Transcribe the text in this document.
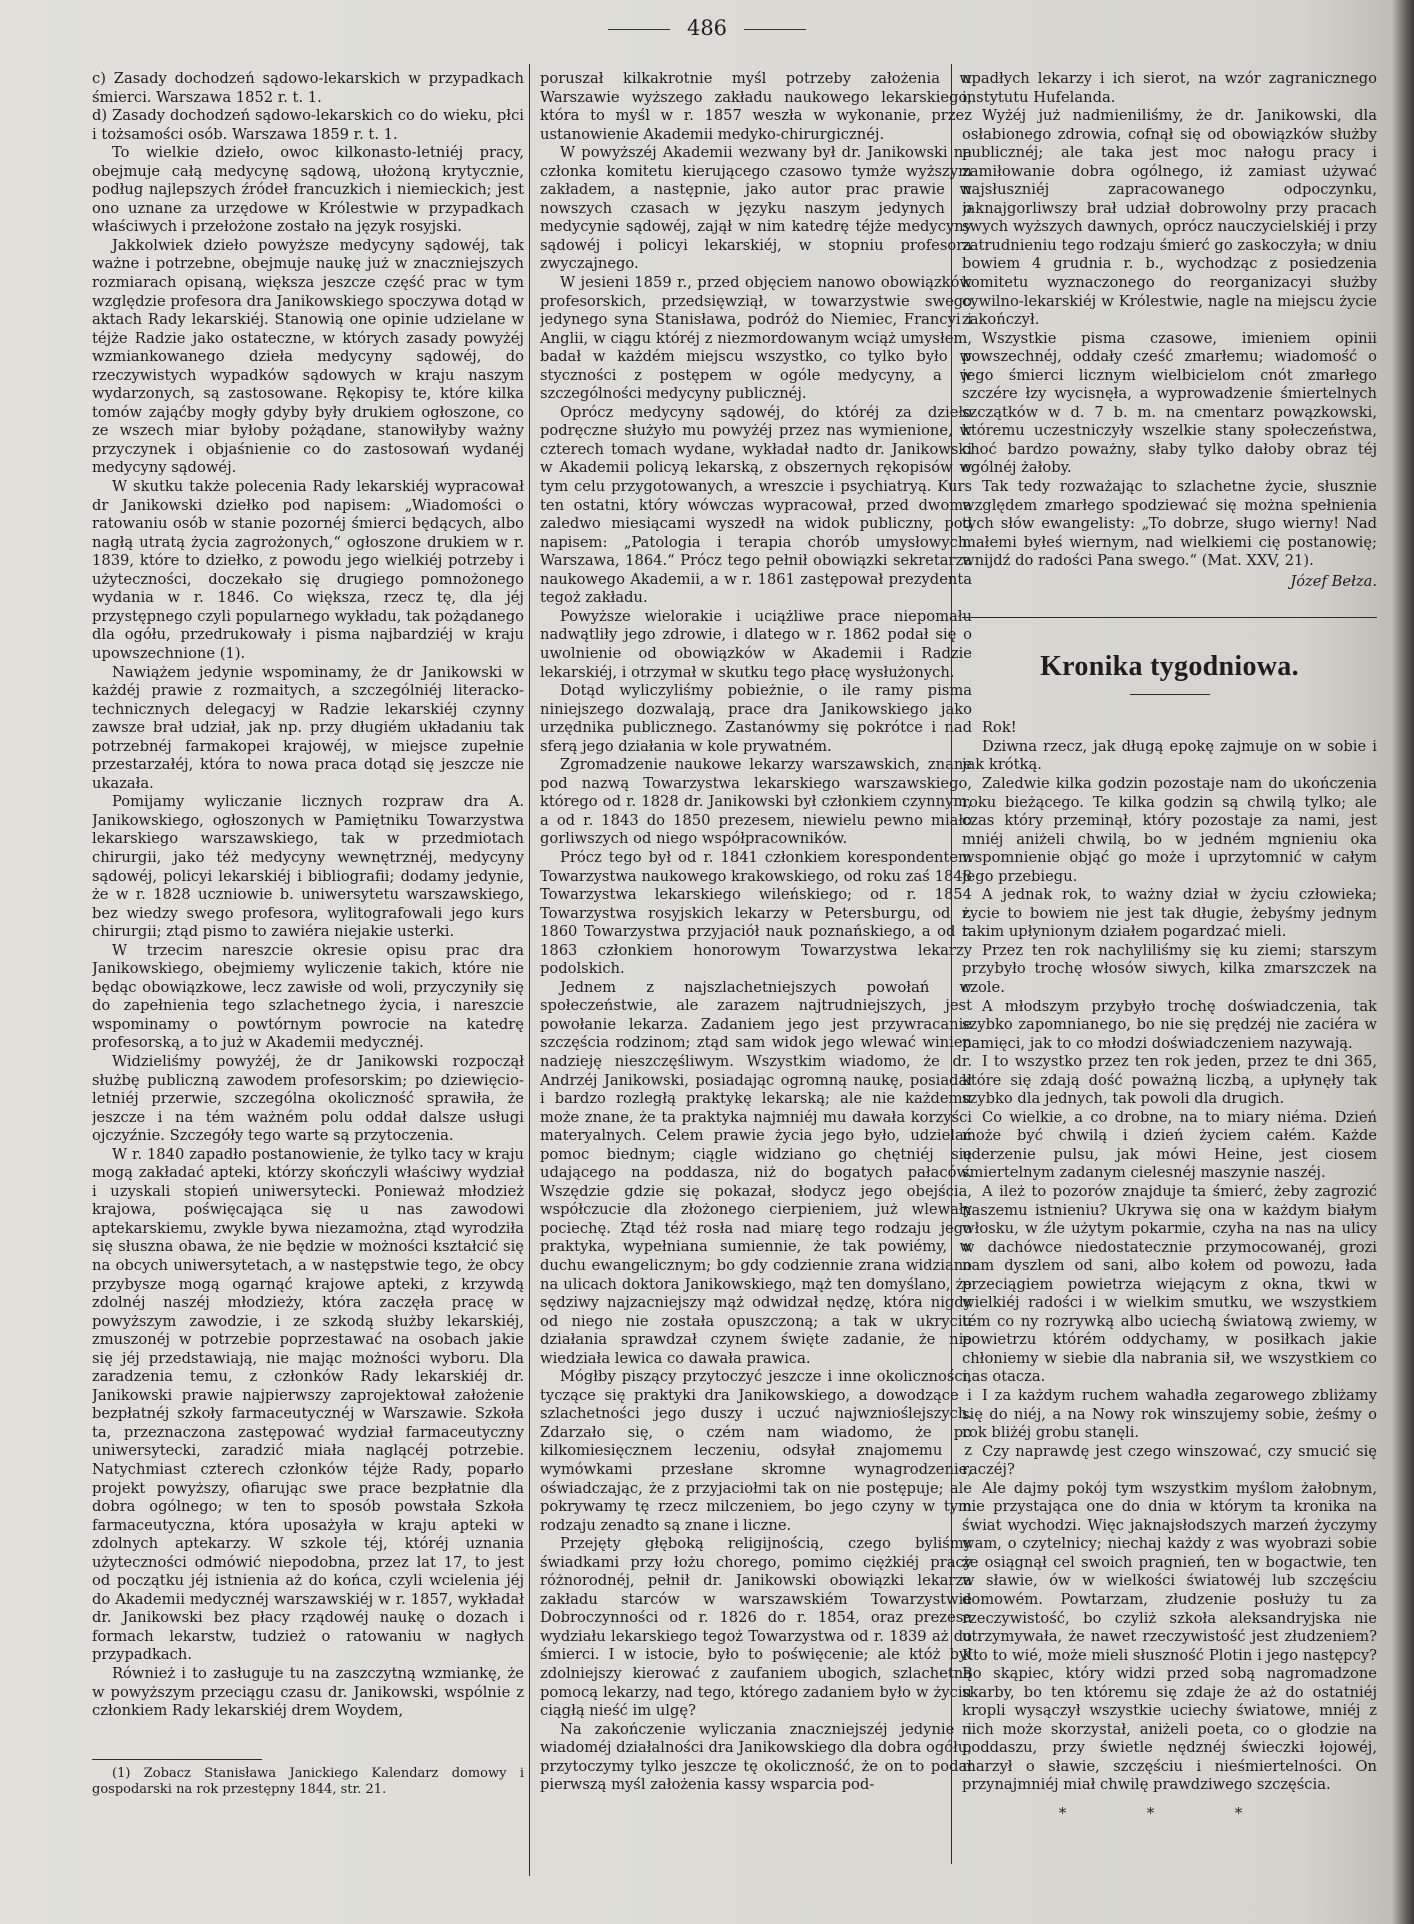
486

c) Zasady dochodzeń sądowo-lekarskich w przypadkach śmierci. Warszawa 1852 r. t. 1.

d) Zasady dochodzeń sądowo-lekarskich co do wieku, płci i tożsamości osób. Warszawa 1859 r. t. 1.

To wielkie dzieło, owoc kilkonasto-letniéj pracy, obejmuje całą medycynę sądową, ułożoną krytycznie, podług najlepszych źródeł francuzkich i niemieckich; jest ono uznane za urzędowe w Królestwie w przypadkach właściwych i przełożone zostało na język rosyjski.

Jakkolwiek dzieło powyższe medycyny sądowéj, tak ważne i potrzebne, obejmuje naukę już w znaczniejszych rozmiarach opisaną, większa jeszcze część prac w tym względzie profesora dra Janikowskiego spoczywa dotąd w aktach Rady lekarskiéj. Stanowią one opinie udzielane w téjże Radzie jako ostateczne, w których zasady powyżéj wzmiankowanego dzieła medycyny sądowéj, do rzeczywistych wypadków sądowych w kraju naszym wydarzonych, są zastosowane. Rękopisy te, które kilka tomów zająćby mogły gdyby były drukiem ogłoszone, co ze wszech miar byłoby pożądane, stanowiłyby ważny przyczynek i objaśnienie co do zastosowań wydanéj medycyny sądowéj.

W skutku także polecenia Rady lekarskiéj wypracował dr Janikowski dziełko pod napisem: „Wiadomości o ratowaniu osób w stanie pozornéj śmierci będących, albo nagłą utratą życia zagrożonych,“ ogłoszone drukiem w r. 1839, które to dziełko, z powodu jego wielkiéj potrzeby i użyteczności, doczekało się drugiego pomnożonego wydania w r. 1846. Co większa, rzecz tę, dla jéj przystępnego czyli popularnego wykładu, tak pożądanego dla ogółu, przedrukowały i pisma najbardziéj w kraju upowszechnione (1).

Nawiążem jedynie wspominamy, że dr Janikowski w każdéj prawie z rozmaitych, a szczególniéj literacko-technicznych delegacyj w Radzie lekarskiéj czynny zawsze brał udział, jak np. przy długiém układaniu tak potrzebnéj farmakopei krajowéj, w miejsce zupełnie przestarzałéj, która to nowa praca dotąd się jeszcze nie ukazała.

Pomijamy wyliczanie licznych rozpraw dra A. Janikowskiego, ogłoszonych w Pamiętniku Towarzystwa lekarskiego warszawskiego, tak w przedmiotach chirurgii, jako téż medycyny wewnętrznéj, medycyny sądowéj, policyi lekarskiéj i bibliografii; dodamy jedynie, że w r. 1828 uczniowie b. uniwersytetu warszawskiego, bez wiedzy swego profesora, wylitografowali jego kurs chirurgii; ztąd pismo to zawiéra niejakie usterki.

W trzecim nareszcie okresie opisu prac dra Janikowskiego, obejmiemy wyliczenie takich, które nie będąc obowiązkowe, lecz zawisłe od woli, przyczyniły się do zapełnienia tego szlachetnego życia, i nareszcie wspominamy o powtórnym powrocie na katedrę profesorską, a to już w Akademii medycznéj.

Widzieliśmy powyżéj, że dr Janikowski rozpoczął służbę publiczną zawodem profesorskim; po dziewięcio-letniéj przerwie, szczególna okoliczność sprawiła, że jeszcze i na tém ważném polu oddał dalsze usługi ojczyźnie. Szczegóły tego warte są przytoczenia.

W r. 1840 zapadło postanowienie, że tylko tacy w kraju mogą zakładać apteki, którzy skończyli właściwy wydział i uzyskali stopień uniwersytecki. Ponieważ młodzież krajowa, poświęcająca się u nas zawodowi aptekarskiemu, zwykle bywa niezamożna, ztąd wyrodziła się słuszna obawa, że nie będzie w możności kształcić się na obcych uniwersytetach, a w następstwie tego, że obcy przybysze mogą ogarnąć krajowe apteki, z krzywdą zdolnéj naszéj młodzieży, która zaczęła pracę w powyższym zawodzie, i ze szkodą służby lekarskiéj, zmuszonéj w potrzebie poprzestawać na osobach jakie się jéj przedstawiają, nie mając możności wyboru. Dla zaradzenia temu, z członków Rady lekarskiéj dr. Janikowski prawie najpierwszy zaprojektował założenie bezpłatnéj szkoły farmaceutycznéj w Warszawie. Szkoła ta, przeznaczona zastępować wydział farmaceutyczny uniwersytecki, zaradzić miała naglącéj potrzebie. Natychmiast czterech członków téjże Rady, poparło projekt powyższy, ofiarując swe prace bezpłatnie dla dobra ogólnego; w ten to sposób powstała Szkoła farmaceutyczna, która uposażyła w kraju apteki w zdolnych aptekarzy. W szkole téj, któréj uznania użyteczności odmówić niepodobna, przez lat 17, to jest od początku jéj istnienia aż do końca, czyli wcielenia jéj do Akademii medycznéj warszawskiéj w r. 1857, wykładał dr. Janikowski bez płacy rządowéj naukę o dozach i formach lekarstw, tudzież o ratowaniu w nagłych przypadkach.

Również i to zasługuje tu na zaszczytną wzmiankę, że w powyższym przeciągu czasu dr. Janikowski, wspólnie z członkiem Rady lekarskiéj drem Woydem,

(1) Zobacz Stanisława Janickiego Kalendarz domowy i gospodarski na rok przestępny 1844, str. 21.

poruszał kilkakrotnie myśl potrzeby założenia w Warszawie wyższego zakładu naukowego lekarskiego, która to myśl w r. 1857 weszła w wykonanie, przez ustanowienie Akademii medyko-chirurgicznéj.

W powyższéj Akademii wezwany był dr. Janikowski na członka komitetu kierującego czasowo tymże wyższym zakładem, a następnie, jako autor prac prawie w nowszych czasach w języku naszym jedynych o medycynie sądowéj, zajął w nim katedrę téjże medycyny sądowéj i policyi lekarskiéj, w stopniu profesora zwyczajnego.

W jesieni 1859 r., przed objęciem nanowo obowiązków profesorskich, przedsięwziął, w towarzystwie swego jedynego syna Stanisława, podróż do Niemiec, Francyi i Anglii, w ciągu któréj z niezmordowanym wciąż umysłem, badał w każdém miejscu wszystko, co tylko było w styczności z postępem w ogóle medycyny, a w szczególności medycyny publicznéj.

Oprócz medycyny sądowéj, do któréj za dzieło podręczne służyło mu powyżéj przez nas wymienione, w czterech tomach wydane, wykładał nadto dr. Janikowski w Akademii policyą lekarską, z obszernych rękopisów w tym celu przygotowanych, a wreszcie i psychiatryą. Kurs ten ostatni, który wówczas wypracował, przed dwoma zaledwo miesiącami wyszedł na widok publiczny, pod napisem: „Patologia i terapia chorób umysłowych. Warszawa, 1864.“ Prócz tego pełnił obowiązki sekretarza naukowego Akademii, a w r. 1861 zastępował prezydenta tegoż zakładu.

Powyższe wielorakie i uciążliwe prace niepomału nadwątliły jego zdrowie, i dlatego w r. 1862 podał się o uwolnienie od obowiązków w Akademii i Radzie lekarskiéj, i otrzymał w skutku tego płacę wysłużonych.

Dotąd wyliczyliśmy pobieżnie, o ile ramy pisma niniejszego dozwalają, prace dra Janikowskiego jako urzędnika publicznego. Zastanówmy się pokrótce i nad sferą jego działania w kole prywatném.

Zgromadzenie naukowe lekarzy warszawskich, znane pod nazwą Towarzystwa lekarskiego warszawskiego, którego od r. 1828 dr. Janikowski był członkiem czynnym, a od r. 1843 do 1850 prezesem, niewielu pewno miało gorliwszych od niego współpracowników.

Prócz tego był od r. 1841 członkiem korespondentem Towarzystwa naukowego krakowskiego, od roku zaś 1848 Towarzystwa lekarskiego wileńskiego; od r. 1854 Towarzystwa rosyjskich lekarzy w Petersburgu, od r. 1860 Towarzystwa przyjaciół nauk poznańskiego, a od r. 1863 członkiem honorowym Towarzystwa lekarzy podolskich.

Jednem z najszlachetniejszych powołań w społeczeństwie, ale zarazem najtrudniejszych, jest powołanie lekarza. Zadaniem jego jest przywracanie szczęścia rodzinom; ztąd sam widok jego wlewać winien nadzieję nieszczęśliwym. Wszystkim wiadomo, że dr. Andrzéj Janikowski, posiadając ogromną naukę, posiadał i bardzo rozległą praktykę lekarską; ale nie każdemu może znane, że ta praktyka najmniéj mu dawała korzyści materyalnych. Celem prawie życia jego było, udzielać pomoc biednym; ciągle widziano go chętniéj się udającego na poddasza, niż do bogatych pałaców. Wszędzie gdzie się pokazał, słodycz jego obejścia, współczucie dla złożonego cierpieniem, już wlewały pociechę. Ztąd téż rosła nad miarę tego rodzaju jego praktyka, wypełniana sumiennie, że tak powiémy, w duchu ewangelicznym; bo gdy codziennie zrana widziano na ulicach doktora Janikowskiego, mąż ten domyślano, że sędziwy najzacniejszy mąż odwidzał nędzę, która nigdy od niego nie została opuszczoną; a tak w ukryciu działania sprawdzał czynem święte zadanie, że nie wiedziała lewica co dawała prawica.

Mógłby piszący przytoczyć jeszcze i inne okoliczności, tyczące się praktyki dra Janikowskiego, a dowodzące i szlachetności jego duszy i uczuć najwznioślejszych. Zdarzało się, o czém nam wiadomo, że po kilkomiesięcznem leczeniu, odsyłał znajomemu z wymówkami przesłane skromne wynagrodzenie, oświadczając, że z przyjaciołmi tak on nie postępuje; ale pokrywamy tę rzecz milczeniem, bo jego czyny w tym rodzaju zenadto są znane i liczne.

Przejęty głęboką religijnością, czego byliśmy świadkami przy łożu chorego, pomimo ciężkiéj pracy różnorodnéj, pełnił dr. Janikowski obowiązki lekarza zakładu starców w warszawskiém Towarzystwie Dobroczynności od r. 1826 do r. 1854, oraz prezesa wydziału lekarskiego tegoż Towarzystwa od r. 1839 aż do śmierci. I w istocie, było to poświęcenie; ale któż był zdolniejszy kierować z zaufaniem ubogich, szlachetną pomocą lekarzy, nad tego, którego zadaniem było w życiu ciągłą nieść im ulgę?

Na zakończenie wyliczania znaczniejszéj jedynie i wiadoméj działalności dra Janikowskiego dla dobra ogółu, przytoczymy tylko jeszcze tę okoliczność, że on to podał pierwszą myśl założenia kassy wsparcia pod-

upadłych lekarzy i ich sierot, na wzór zagranicznego instytutu Hufelanda.

Wyżéj już nadmieniliśmy, że dr. Janikowski, dla osłabionego zdrowia, cofnął się od obowiązków służby publicznéj; ale taka jest moc nałogu pracy i zamiłowanie dobra ogólnego, iż zamiast używać najsłuszniéj zapracowanego odpoczynku, jaknajgorliwszy brał udział dobrowolny przy pracach swych wyższych dawnych, oprócz nauczycielskiéj i przy zatrudnieniu tego rodzaju śmierć go zaskoczyła; w dniu bowiem 4 grudnia r. b., wychodząc z posiedzenia komitetu wyznaczonego do reorganizacyi służby cywilno-lekarskiéj w Królestwie, nagle na miejscu życie zakończył.

Wszystkie pisma czasowe, imieniem opinii powszechnéj, oddały cześć zmarłemu; wiadomość o jego śmierci licznym wielbicielom cnót zmarłego szczére łzy wycisnęła, a wyprowadzenie śmiertelnych szczątków w d. 7 b. m. na cmentarz powązkowski, któremu uczestniczyły wszelkie stany społeczeństwa, choć bardzo poważny, słaby tylko dałoby obraz téj ogólnéj żałoby.

Tak tedy rozważając to szlachetne życie, słusznie względem zmarłego spodziewać się można spełnienia tych słów ewangelisty: „To dobrze, sługo wierny! Nad małemi byłeś wiernym, nad wielkiemi cię postanowię; wnijdź do radości Pana swego.“ (Mat. XXV, 21).

Józef Bełza.

Kronika tygodniowa.

Rok!

Dziwna rzecz, jak długą epokę zajmuje on w sobie i jak krótką.

Zaledwie kilka godzin pozostaje nam do ukończenia roku bieżącego. Te kilka godzin są chwilą tylko; ale czas który przeminął, który pozostaje za nami, jest mniéj aniżeli chwilą, bo w jedném mgnieniu oka wspomnienie objąć go może i uprzytomnić w całym jego przebiegu.

A jednak rok, to ważny dział w życiu człowieka; życie to bowiem nie jest tak długie, żebyśmy jednym takim upłynionym działem pogardzać mieli.

Przez ten rok nachyliliśmy się ku ziemi; starszym przybyło trochę włosów siwych, kilka zmarszczek na czole.

A młodszym przybyło trochę doświadczenia, tak szybko zapomnianego, bo nie się prędzéj nie zaciéra w pamięci, jak to co młodzi doświadczeniem nazywają.

I to wszystko przez ten rok jeden, przez te dni 365, które się zdają dość poważną liczbą, a upłynęły tak szybko dla jednych, tak powoli dla drugich.

Co wielkie, a co drobne, na to miary niéma. Dzień może być chwilą i dzień życiem całém. Każde uderzenie pulsu, jak mówi Heine, jest ciosem śmiertelnym zadanym cielesnéj maszynie naszéj.

A ileż to pozorów znajduje ta śmierć, żeby zagrozić naszemu istnieniu? Ukrywa się ona w każdym białym włosku, w źle użytym pokarmie, czyha na nas na ulicy w dachówce niedostatecznie przymocowanéj, grozi nam dyszlem od sani, albo kołem od powozu, łada przeciągiem powietrza wiejącym z okna, tkwi w wielkiéj radości i w wielkim smutku, we wszystkiem tém co ny rozrywką albo uciechą światową zwiemy, w powietrzu którém oddychamy, w posiłkach jakie chłoniemy w siebie dla nabrania sił, we wszystkiem co nas otacza.

I za każdym ruchem wahadła zegarowego zbliżamy się do niéj, a na Nowy rok winszujemy sobie, żeśmy o rok bliżéj grobu stanęli.

Czy naprawdę jest czego winszować, czy smucić się raczéj?

Ale dajmy pokój tym wszystkim myślom żałobnym, nie przystająca one do dnia w którym ta kronika na świat wychodzi. Więc jaknajsłodszych marzeń życzymy wam, o czytelnicy; niechaj każdy z was wyobrazi sobie że osiągnął cel swoich pragnień, ten w bogactwie, ten w sławie, ów w wielkości światowéj lub szczęściu domowém. Powtarzam, złudzenie posłuży tu za rzeczywistość, bo czyliż szkoła aleksandryjska nie utrzymywała, że nawet rzeczywistość jest złudzeniem? Kto to wié, może mieli słuszność Plotin i jego następcy? Bo skąpiec, który widzi przed sobą nagromadzone skarby, bo ten któremu się zdaje że aż do ostatniéj kropli wysączył wszystkie uciechy światowe, mniéj z nich może skorzystał, aniżeli poeta, co o głodzie na poddaszu, przy świetle nędznéj świeczki łojowéj, marzył o sławie, szczęściu i nieśmiertelności. On przynajmniéj miał chwilę prawdziwego szczęścia.

* * *
